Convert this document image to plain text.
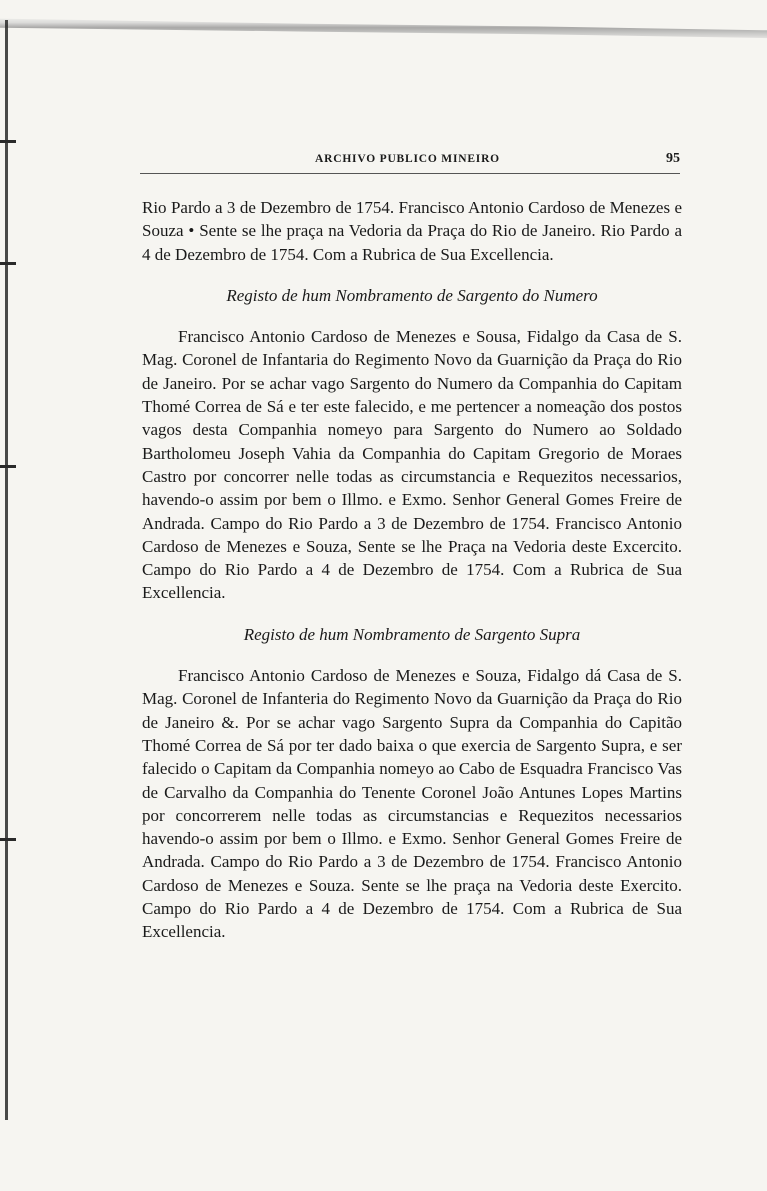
ARCHIVO PUBLICO MINEIRO	95

Rio Pardo a 3 de Dezembro de 1754. Francisco Antonio Cardoso de Menezes e Souza • Sente se lhe praça na Vedoria da Praça do Rio de Janeiro. Rio Pardo a 4 de Dezembro de 1754. Com a Rubrica de Sua Excellencia.

Registo de hum Nombramento de Sargento do Numero

Francisco Antonio Cardoso de Menezes e Sousa, Fidalgo da Casa de S. Mag. Coronel de Infantaria do Regimento Novo da Guarnição da Praça do Rio de Janeiro. Por se achar vago Sargento do Numero da Companhia do Capitam Thomé Correa de Sá e ter este falecido, e me pertencer a nomeação dos postos vagos desta Companhia nomeyo para Sargento do Numero ao Soldado Bartholomeu Joseph Vahia da Companhia do Capitam Gregorio de Moraes Castro por concorrer nelle todas as circumstancia e Requezitos necessarios, havendo-o assim por bem o Illmo. e Exmo. Senhor General Gomes Freire de Andrada. Campo do Rio Pardo a 3 de Dezembro de 1754. Francisco Antonio Cardoso de Menezes e Souza, Sente se lhe Praça na Vedoria deste Excercito. Campo do Rio Pardo a 4 de Dezembro de 1754. Com a Rubrica de Sua Excellencia.

Registo de hum Nombramento de Sargento Supra

Francisco Antonio Cardoso de Menezes e Souza, Fidalgo dá Casa de S. Mag. Coronel de Infanteria do Regimento Novo da Guarnição da Praça do Rio de Janeiro &. Por se achar vago Sargento Supra da Companhia do Capitão Thomé Correa de Sá por ter dado baixa o que exercia de Sargento Supra, e ser falecido o Capitam da Companhia nomeyo ao Cabo de Esquadra Francisco Vas de Carvalho da Companhia do Tenente Coronel João Antunes Lopes Martins por concorrerem nelle todas as circumstancias e Requezitos necessarios havendo-o assim por bem o Illmo. e Exmo. Senhor General Gomes Freire de Andrada. Campo do Rio Pardo a 3 de Dezembro de 1754. Francisco Antonio Cardoso de Menezes e Souza. Sente se lhe praça na Vedoria deste Exercito. Campo do Rio Pardo a 4 de Dezembro de 1754. Com a Rubrica de Sua Excellencia.
